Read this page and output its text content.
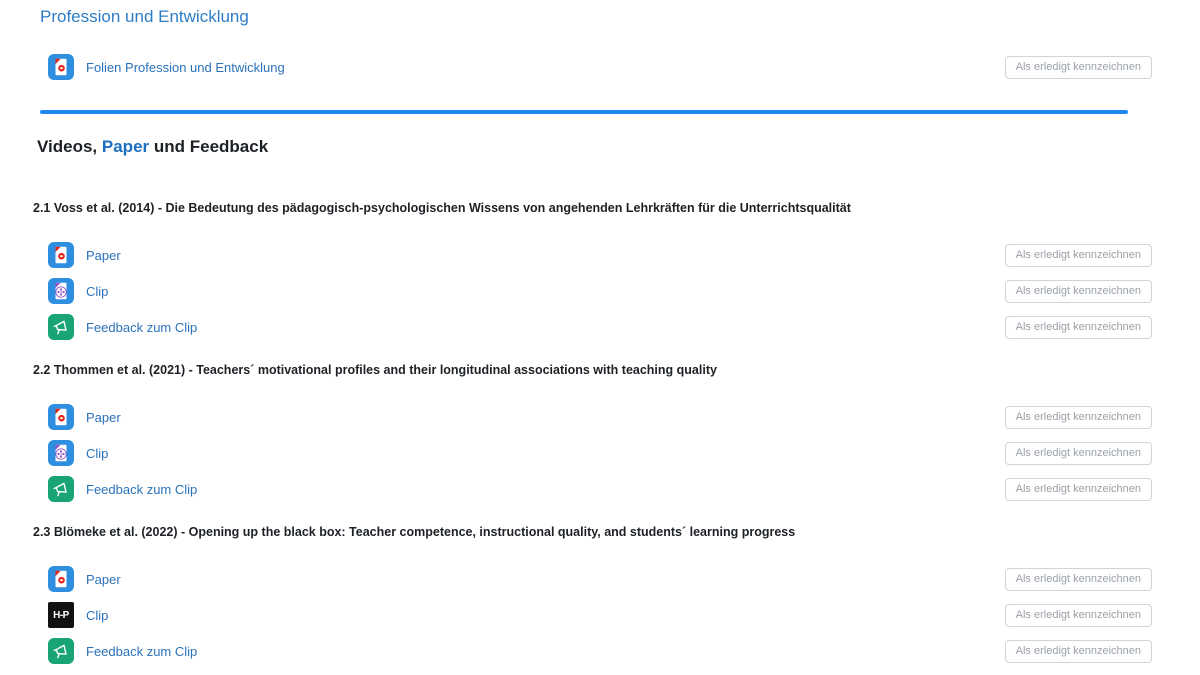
Profession und Entwicklung
Folien Profession und Entwicklung	Als erledigt kennzeichnen
Videos, Paper und Feedback
2.1 Voss et al. (2014) - Die Bedeutung des pädagogisch-psychologischen Wissens von angehenden Lehrkräften für die Unterrichtsqualität
Paper	Als erledigt kennzeichnen
Clip	Als erledigt kennzeichnen
Feedback zum Clip	Als erledigt kennzeichnen
2.2 Thommen et al. (2021) - Teachers´ motivational profiles and their longitudinal associations with teaching quality
Paper	Als erledigt kennzeichnen
Clip	Als erledigt kennzeichnen
Feedback zum Clip	Als erledigt kennzeichnen
2.3 Blömeke et al. (2022) - Opening up the black box: Teacher competence, instructional quality, and students´ learning progress
Paper	Als erledigt kennzeichnen
H-P Clip	Als erledigt kennzeichnen
Feedback zum Clip	Als erledigt kennzeichnen
